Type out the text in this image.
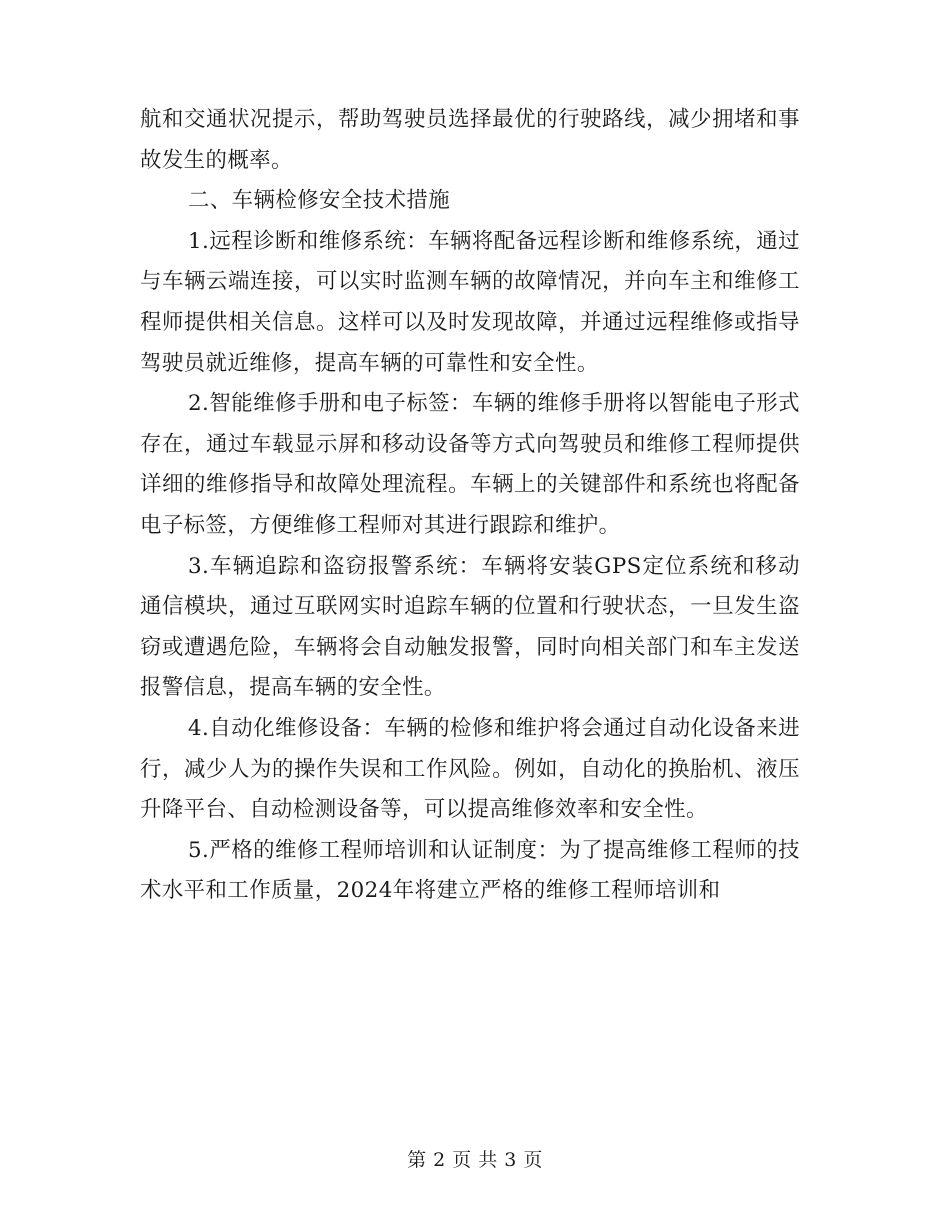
航和交通状况提示，帮助驾驶员选择最优的行驶路线，减少拥堵和事故发生的概率。

二、车辆检修安全技术措施

1.远程诊断和维修系统：车辆将配备远程诊断和维修系统，通过与车辆云端连接，可以实时监测车辆的故障情况，并向车主和维修工程师提供相关信息。这样可以及时发现故障，并通过远程维修或指导驾驶员就近维修，提高车辆的可靠性和安全性。

2.智能维修手册和电子标签：车辆的维修手册将以智能电子形式存在，通过车载显示屏和移动设备等方式向驾驶员和维修工程师提供详细的维修指导和故障处理流程。车辆上的关键部件和系统也将配备电子标签，方便维修工程师对其进行跟踪和维护。

3.车辆追踪和盗窃报警系统：车辆将安装GPS定位系统和移动通信模块，通过互联网实时追踪车辆的位置和行驶状态，一旦发生盗窃或遭遇危险，车辆将会自动触发报警，同时向相关部门和车主发送报警信息，提高车辆的安全性。

4.自动化维修设备：车辆的检修和维护将会通过自动化设备来进行，减少人为的操作失误和工作风险。例如，自动化的换胎机、液压升降平台、自动检测设备等，可以提高维修效率和安全性。

5.严格的维修工程师培训和认证制度：为了提高维修工程师的技术水平和工作质量，2024年将建立严格的维修工程师培训和

第 2 页 共 3 页
